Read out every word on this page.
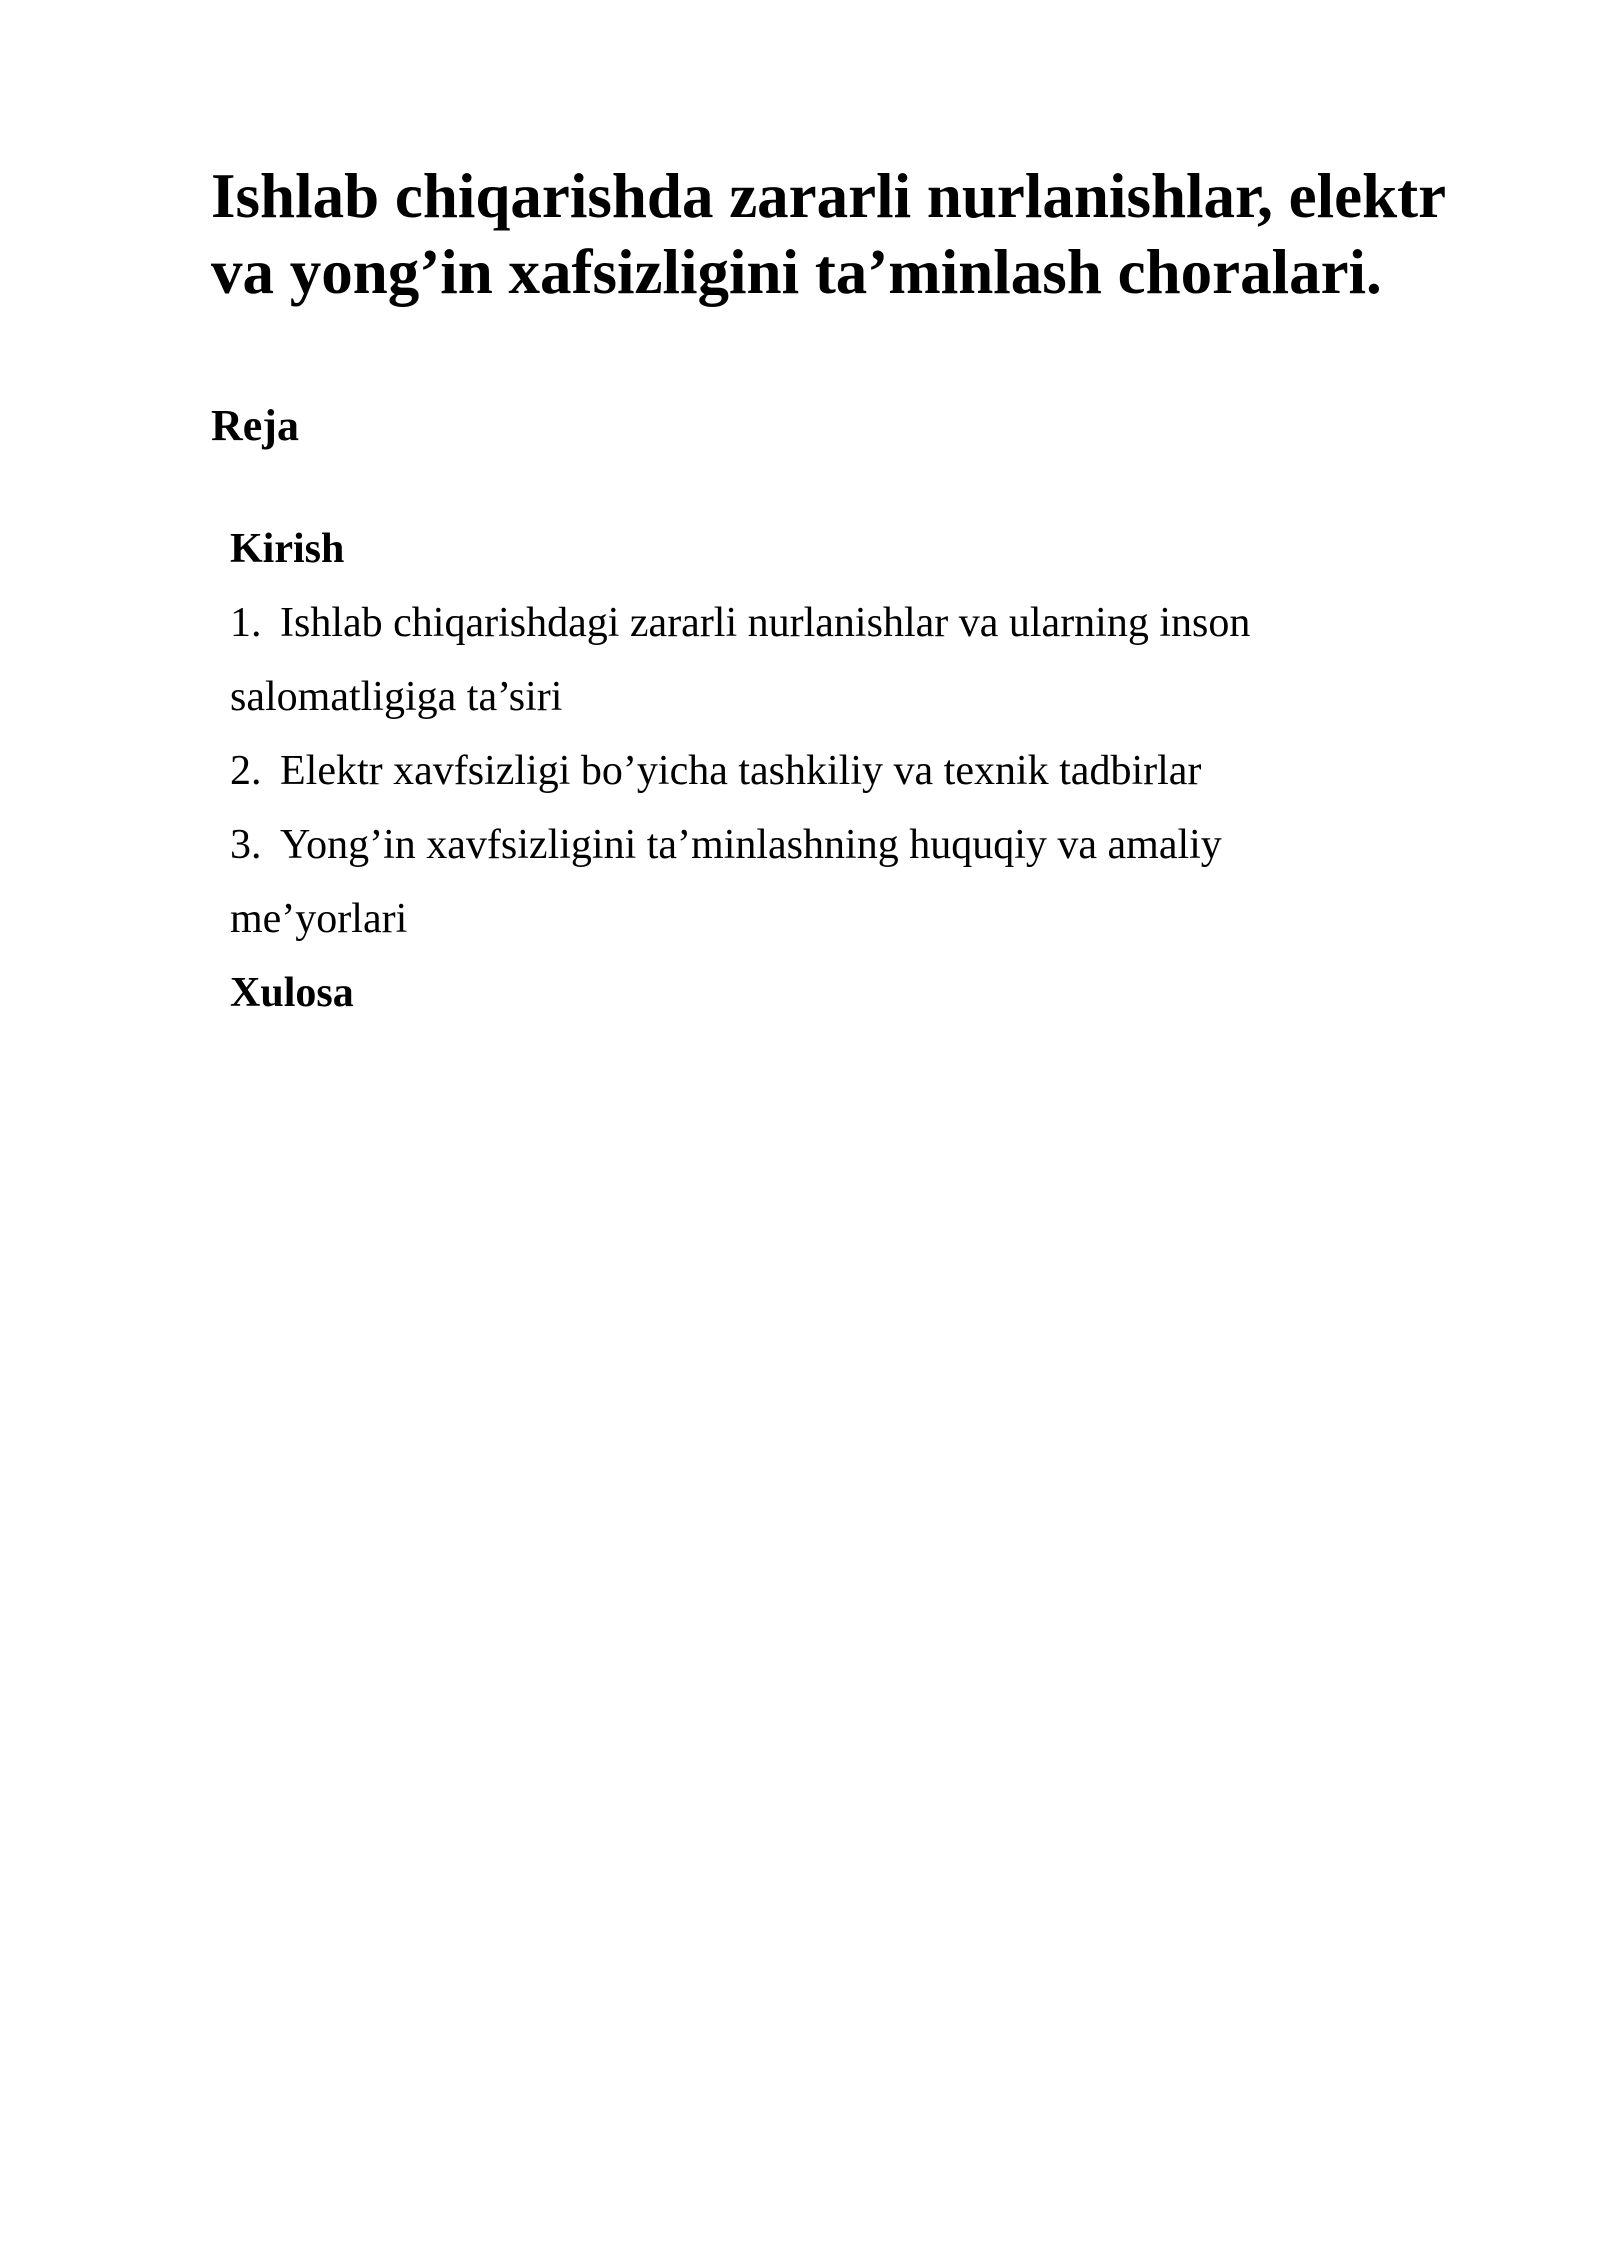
Ishlab chiqarishda zararli nurlanishlar, elektr
va yong’in xafsizligini ta’minlash choralari.
Reja
Kirish
1. Ishlab chiqarishdagi zararli nurlanishlar va ularning inson
salomatligiga ta’siri
2. Elektr xavfsizligi bo’yicha tashkiliy va texnik tadbirlar
3. Yong’in xavfsizligini ta’minlashning huquqiy va amaliy
me’yorlari
Xulosa
